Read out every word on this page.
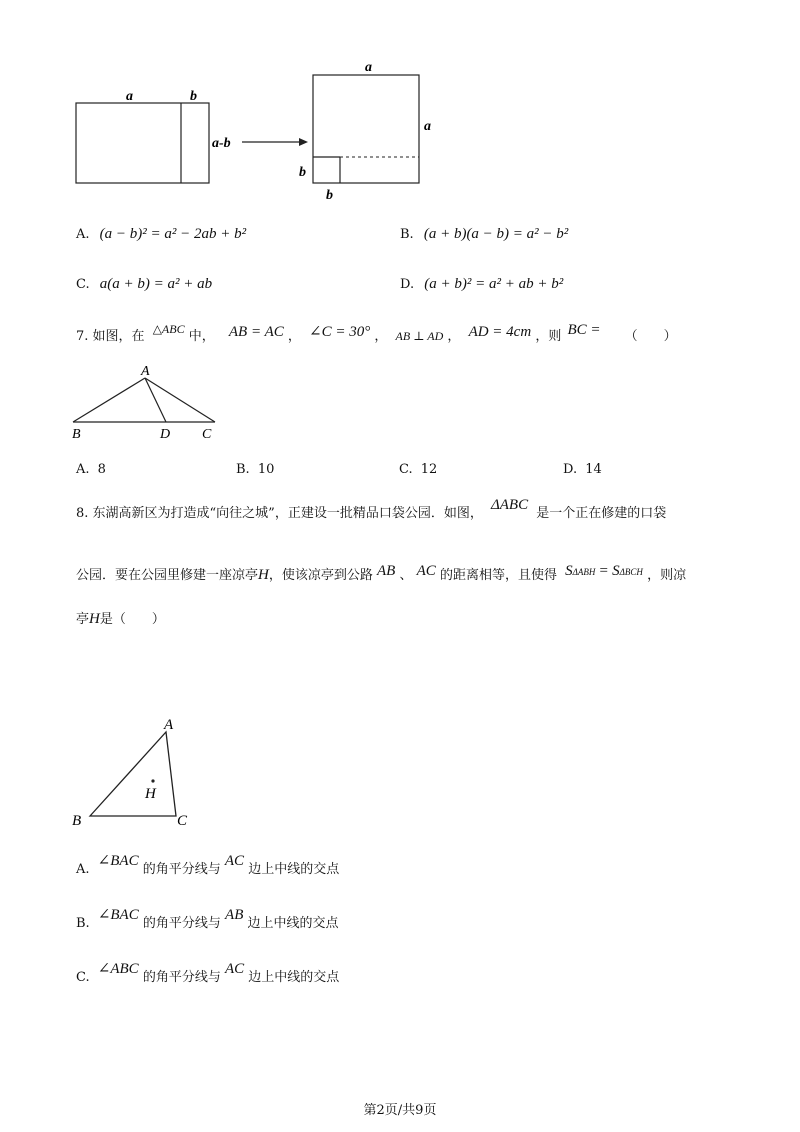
a	b
a-b
a
a
b
b
A. (a − b)² = a² − 2ab + b²	B. (a + b)(a − b) = a² − b²
C. a(a + b) = a² + ab	D. (a + b)² = a² + ab + b²
7. 如图，在 △ABC 中， AB = AC ， ∠C = 30° ， AB ⊥ AD ， AD = 4cm ，则 BC = （　　）
A
B	D C
A. 8	B. 10	C. 12	D. 14
8. 东湖高新区为打造成“向往之城”，正建设一批精品口袋公园．如图， ΔABC 是一个正在修建的口袋
公园．要在公园里修建一座凉亭H，使该凉亭到公路 AB 、 AC 的距离相等，且使得 SΔABH = SΔBCH ，则凉
亭H是（　　）
A
B	C
H
A. ∠BAC 的角平分线与 AC 边上中线的交点
B. ∠BAC 的角平分线与 AB 边上中线的交点
C. ∠ABC 的角平分线与 AC 边上中线的交点
第2页/共9页
